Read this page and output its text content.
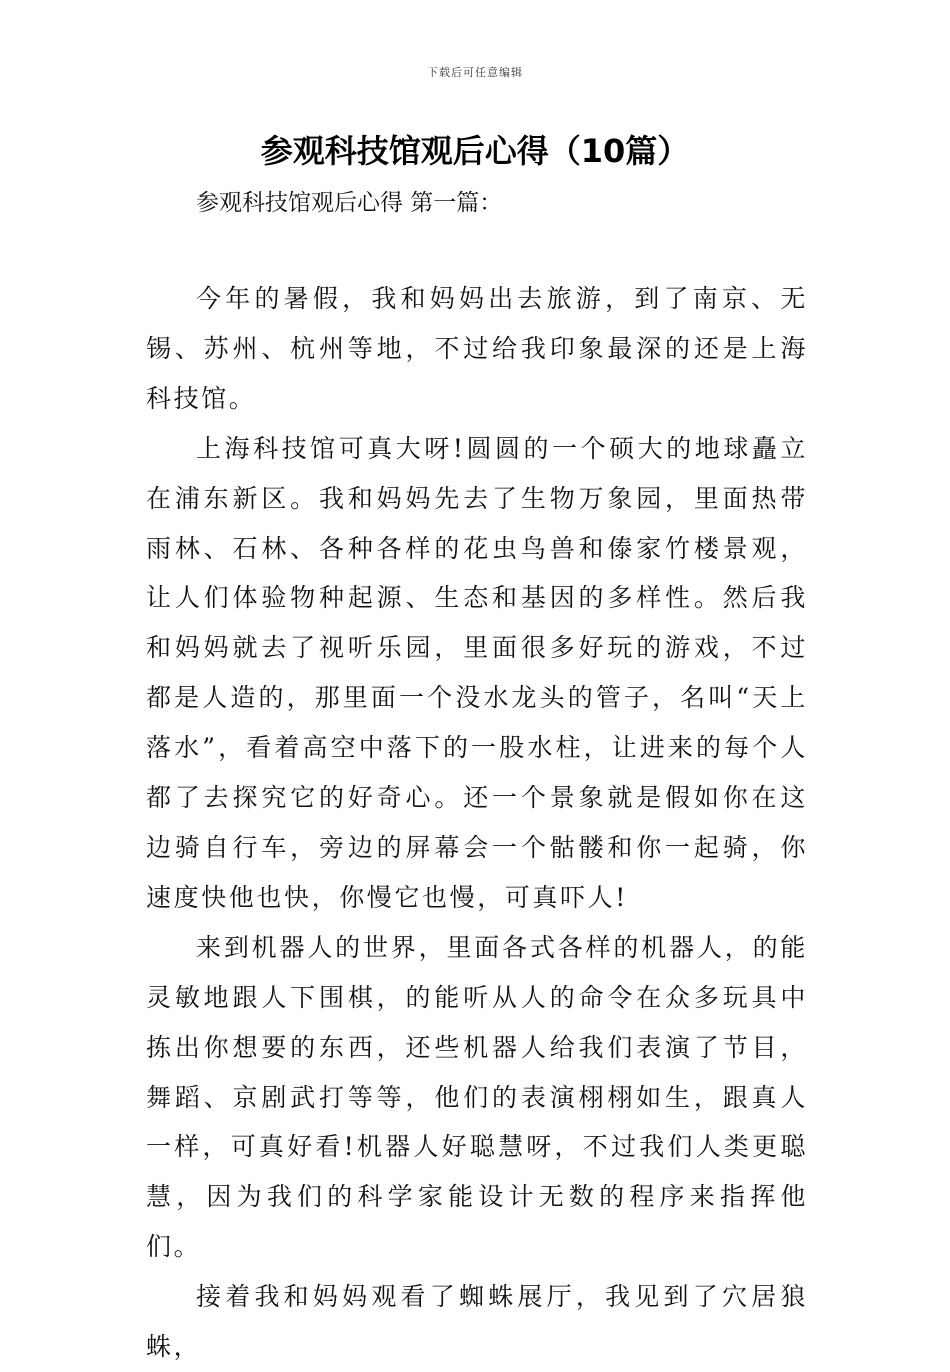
下载后可任意编辑
参观科技馆观后心得（10篇）
参观科技馆观后心得 第一篇：

今年的暑假，我和妈妈出去旅游，到了南京、无锡、苏州、杭州等地，不过给我印象最深的还是上海科技馆。

上海科技馆可真大呀!圆圆的一个硕大的地球矗立在浦东新区。我和妈妈先去了生物万象园，里面热带雨林、石林、各种各样的花虫鸟兽和傣家竹楼景观，让人们体验物种起源、生态和基因的多样性。然后我和妈妈就去了视听乐园，里面很多好玩的游戏，不过都是人造的，那里面一个没水龙头的管子，名叫“天上落水”，看着高空中落下的一股水柱，让进来的每个人都了去探究它的好奇心。还一个景象就是假如你在这边骑自行车，旁边的屏幕会一个骷髅和你一起骑，你速度快他也快，你慢它也慢，可真吓人!

来到机器人的世界，里面各式各样的机器人，的能灵敏地跟人下围棋，的能听从人的命令在众多玩具中拣出你想要的东西，还些机器人给我们表演了节目，舞蹈、京剧武打等等，他们的表演栩栩如生，跟真人一样，可真好看!机器人好聪慧呀，不过我们人类更聪慧，因为我们的科学家能设计无数的程序来指挥他们。

接着我和妈妈观看了蜘蛛展厅，我见到了穴居狼蛛，
